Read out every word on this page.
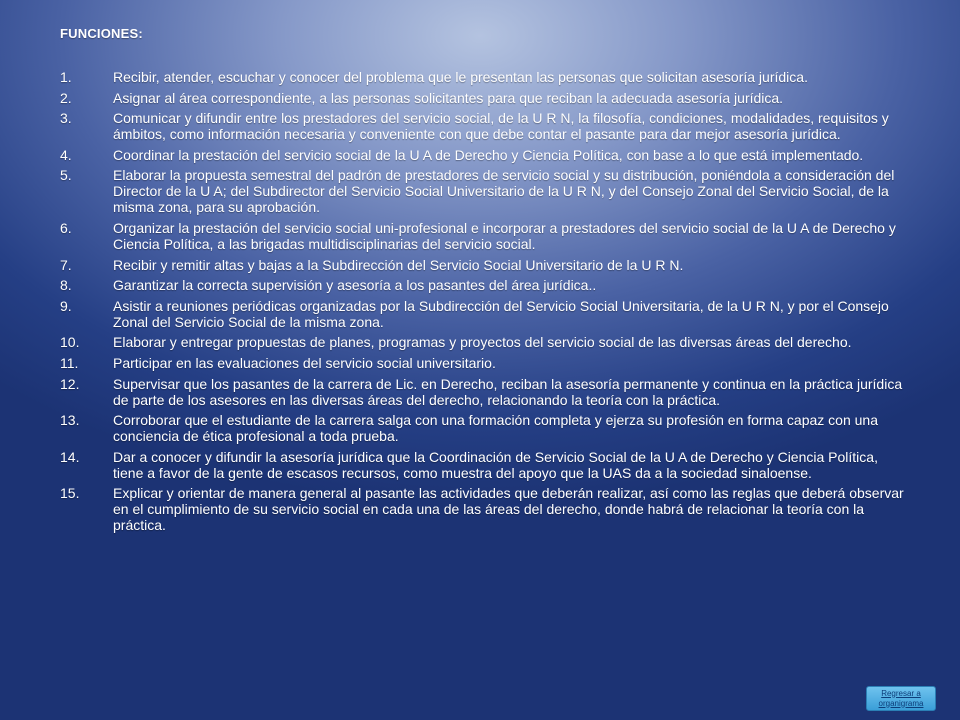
FUNCIONES:
1.	Recibir, atender, escuchar y conocer del problema que le presentan las personas que solicitan asesoría jurídica.
2.	Asignar al área correspondiente, a las personas solicitantes para que reciban la adecuada asesoría jurídica.
3.	Comunicar y difundir entre los prestadores del servicio social, de la U R N, la filosofía, condiciones, modalidades, requisitos y ámbitos, como información necesaria y conveniente con que debe contar el pasante para dar mejor asesoría jurídica.
4.	Coordinar la prestación del servicio social de la U A de Derecho y Ciencia Política, con base a lo que está implementado.
5.	Elaborar la propuesta semestral del padrón de prestadores de servicio social y su distribución, poniéndola a consideración del Director de la U A; del Subdirector del Servicio Social Universitario de la U R N, y del Consejo Zonal del Servicio Social, de la misma zona, para su aprobación.
6.	Organizar la prestación del servicio social uni-profesional e incorporar a prestadores del servicio social de la U A de Derecho y Ciencia Política, a las brigadas multidisciplinarias del servicio social.
7.	Recibir y remitir altas y bajas a la Subdirección del Servicio Social Universitario de la U R N.
8.	Garantizar la correcta supervisión y asesoría a los pasantes del área jurídica..
9.	Asistir a reuniones periódicas organizadas por la Subdirección del Servicio Social Universitaria, de la U R N, y por el Consejo Zonal del Servicio Social de la misma zona.
10.	Elaborar y entregar propuestas de planes, programas y proyectos del servicio social de las diversas áreas del derecho.
11.	Participar en las evaluaciones del servicio social universitario.
12.	Supervisar que los pasantes de la carrera de Lic. en Derecho, reciban la asesoría permanente y continua en la práctica jurídica de parte de los asesores en las diversas áreas del derecho, relacionando la teoría con la práctica.
13.	Corroborar que el estudiante de la carrera salga con una formación completa y ejerza su profesión en forma capaz con una conciencia de ética profesional a toda prueba.
14.	Dar a conocer y difundir la asesoría jurídica que la Coordinación de Servicio Social de la U A de Derecho y Ciencia Política, tiene a favor de la gente de escasos recursos, como muestra del apoyo que la UAS da a la sociedad sinaloense.
15.	Explicar y orientar de manera general al pasante las actividades que deberán realizar, así como las reglas que deberá observar en el cumplimiento de su servicio social en cada una de las áreas del derecho, donde habrá de relacionar la teoría con la práctica.
Regresar a
organigrama
